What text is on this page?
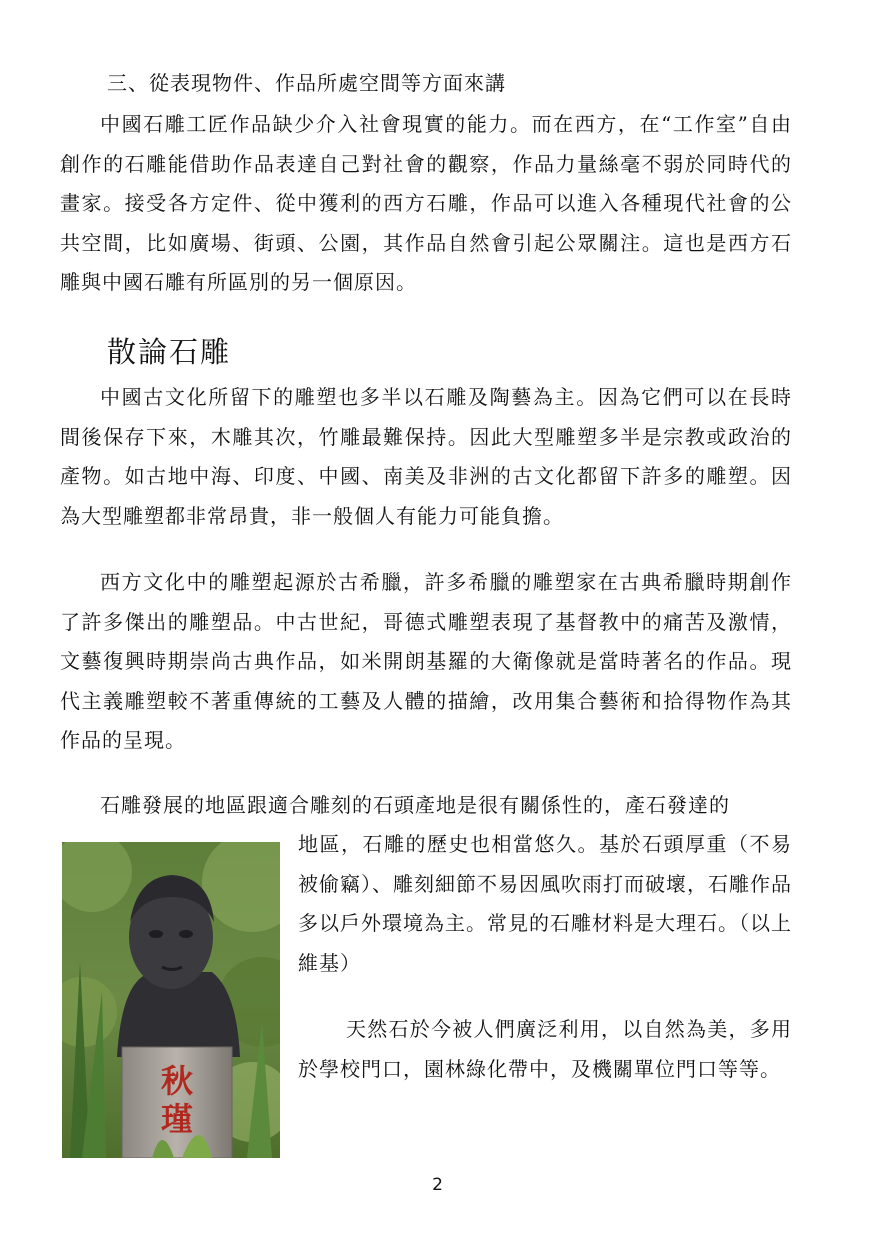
三、從表現物件、作品所處空間等方面來講

中國石雕工匠作品缺少介入社會現實的能力。而在西方，在“工作室”自由創作的石雕能借助作品表達自己對社會的觀察，作品力量絲毫不弱於同時代的畫家。接受各方定件、從中獲利的西方石雕，作品可以進入各種現代社會的公共空間，比如廣場、街頭、公園，其作品自然會引起公眾關注。這也是西方石雕與中國石雕有所區別的另一個原因。

散論石雕

中國古文化所留下的雕塑也多半以石雕及陶藝為主。因為它們可以在長時間後保存下來，木雕其次，竹雕最難保持。因此大型雕塑多半是宗教或政治的產物。如古地中海、印度、中國、南美及非洲的古文化都留下許多的雕塑。因為大型雕塑都非常昂貴，非一般個人有能力可能負擔。

西方文化中的雕塑起源於古希臘，許多希臘的雕塑家在古典希臘時期創作了許多傑出的雕塑品。中古世紀，哥德式雕塑表現了基督教中的痛苦及激情，文藝復興時期崇尚古典作品，如米開朗基羅的大衛像就是當時著名的作品。現代主義雕塑較不著重傳統的工藝及人體的描繪，改用集合藝術和拾得物作為其作品的呈現。

石雕發展的地區跟適合雕刻的石頭產地是很有關係性的，產石發達的

秋
瑾

地區，石雕的歷史也相當悠久。基於石頭厚重（不易被偷竊）、雕刻細節不易因風吹雨打而破壞，石雕作品多以戶外環境為主。常見的石雕材料是大理石。（以上維基）

天然石於今被人們廣泛利用，以自然為美，多用於學校門口，園林綠化帶中，及機關單位門口等等。

2
